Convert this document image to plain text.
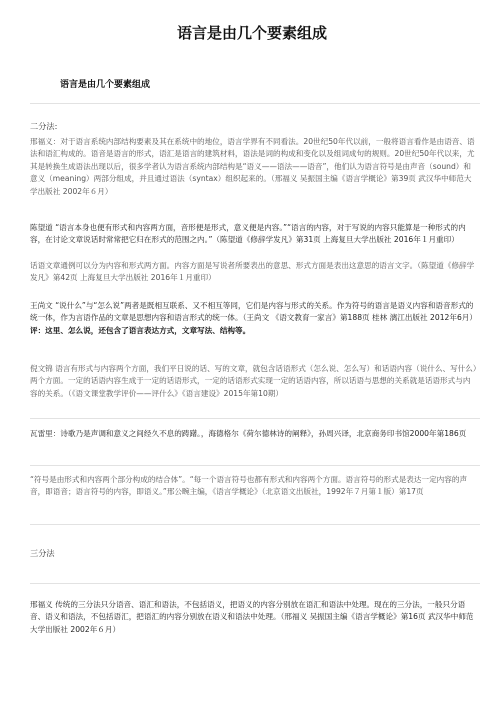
语言是由几个要素组成
语言是由几个要素组成
二分法:
邢福义：对于语言系统内部结构要素及其在系统中的地位，语言学界有不同看法。20世纪50年代以前，一般将语言看作是由语音、语法和语汇构成的。语音是语言的形式，语汇是语言的建筑材料，语法是词的构成和变化以及组词成句的规则。20世纪50年代以来，尤其是转换生成语法出现以后，很多学者认为语言系统内部结构是“语义——语法——语音”，他们认为语言符号是由声音（sound）和意义（meaning）两部分组成，并且通过语法（syntax）组织起来的。（邢福义 吴振国主编《语言学概论》第39页 武汉华中师范大学出版社 2002年６月）
陈望道 “语言本身也便有形式和内容两方面，音形便是形式，意义便是内容。”“语言的内容，对于写说的内容只能算是一种形式的内容，在讨论文章说话时常常把它归在形式的范围之内。”（陈望道《修辞学发凡》第31页 上海复旦大学出版社 2016年１月重印）
话语文章通例可以分为内容和形式两方面。内容方面是写说者所要表出的意思、形式方面是表出这意思的语言文字。（陈望道《修辞学发凡》第42页 上海复旦大学出版社 2016年１月重印）
王尚文 “说什么”与“怎么说”两者是既相互联系、又不相互等同，它们是内容与形式的关系。作为符号的语言是语义内容和语音形式的统一体，作为言语作品的文章是思想内容和语言形式的统一体。（王尚文 《语文教育一家言》第188页 桂林 漓江出版社 2012年6月）评：这里、怎么说，还包含了语言表达方式，文章写法、结构等。
倪文锦 语言有形式与内容两个方面，我们平日说的话、写的文章，就包含话语形式（怎么说、怎么写）和话语内容（说什么、写什么）两个方面。一定的话语内容生成于一定的话语形式，一定的话语形式实现一定的话语内容，所以话语与思想的关系就是话语形式与内容的关系。（《语文课堂教学评价——评什么》《语言建设》2015年第10期）
瓦雷里：诗歌乃是声调和意义之间经久不息的踌躇。，海德格尔《荷尔德林诗的阐释》，孙周兴译，北京商务印书馆2000年第186页
“符号是由形式和内容两个部分构成的结合体”。“每一个语言符号也都有形式和内容两个方面。语言符号的形式是表达一定内容的声音，即语音；语言符号的内容，即语义。”邢公畹主编，《语言学概论》（北京语文出版社，1992年７月第１版）第17页
三分法
邢福义 传统的三分法只分语音、语汇和语法，不包括语义，把语义的内容分别放在语汇和语法中处理。现在的三分法，一般只分语音、语义和语法，不包括语汇，把语汇的内容分别放在语义和语法中处理。（邢福义 吴振国主编《语言学概论》第16页 武汉华中师范大学出版社 2002年６月）
